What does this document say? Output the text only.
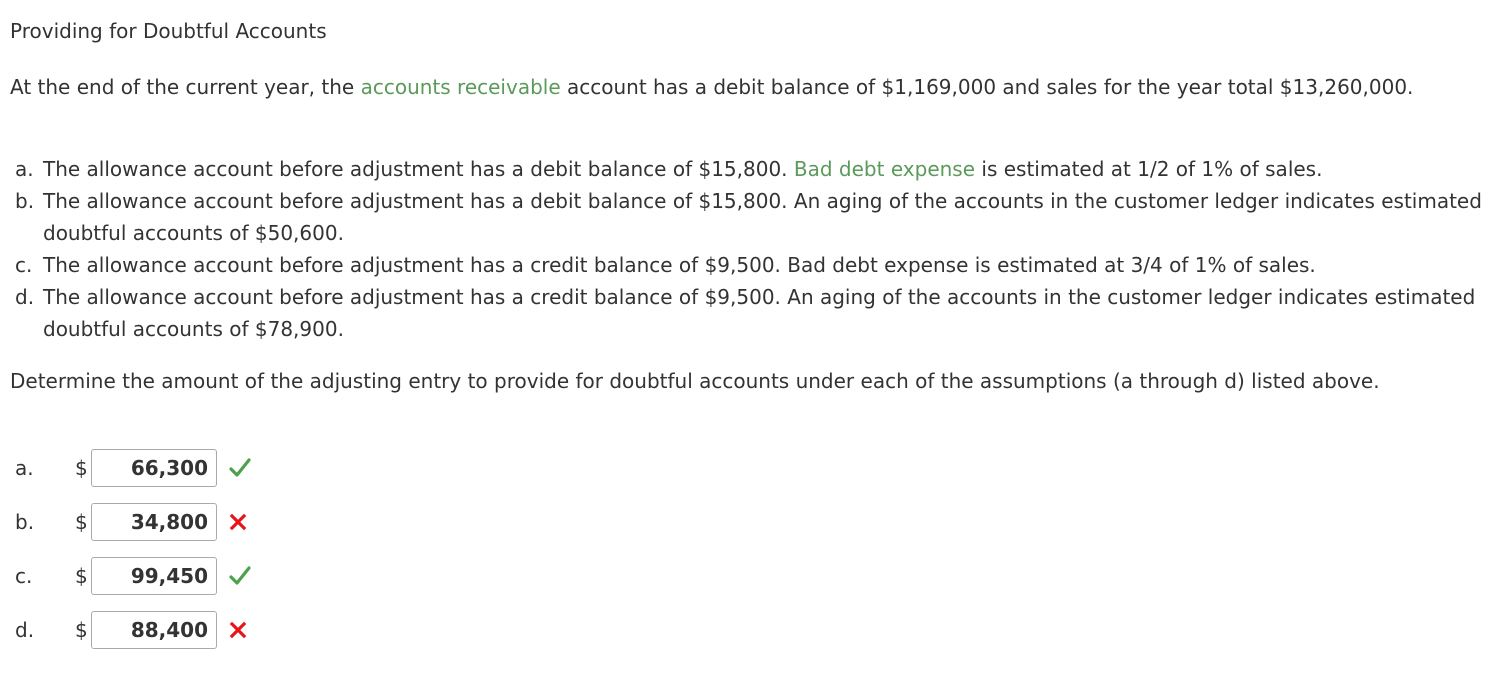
Providing for Doubtful Accounts
At the end of the current year, the accounts receivable account has a debit balance of $1,169,000 and sales for the year total $13,260,000.
a. The allowance account before adjustment has a debit balance of $15,800. Bad debt expense is estimated at 1/2 of 1% of sales.
b. The allowance account before adjustment has a debit balance of $15,800. An aging of the accounts in the customer ledger indicates estimated doubtful accounts of $50,600.
c. The allowance account before adjustment has a credit balance of $9,500. Bad debt expense is estimated at 3/4 of 1% of sales.
d. The allowance account before adjustment has a credit balance of $9,500. An aging of the accounts in the customer ledger indicates estimated doubtful accounts of $78,900.
Determine the amount of the adjusting entry to provide for doubtful accounts under each of the assumptions (a through d) listed above.
a.	$	66,300
b.	$	34,800
c.	$	99,450
d.	$	88,400
